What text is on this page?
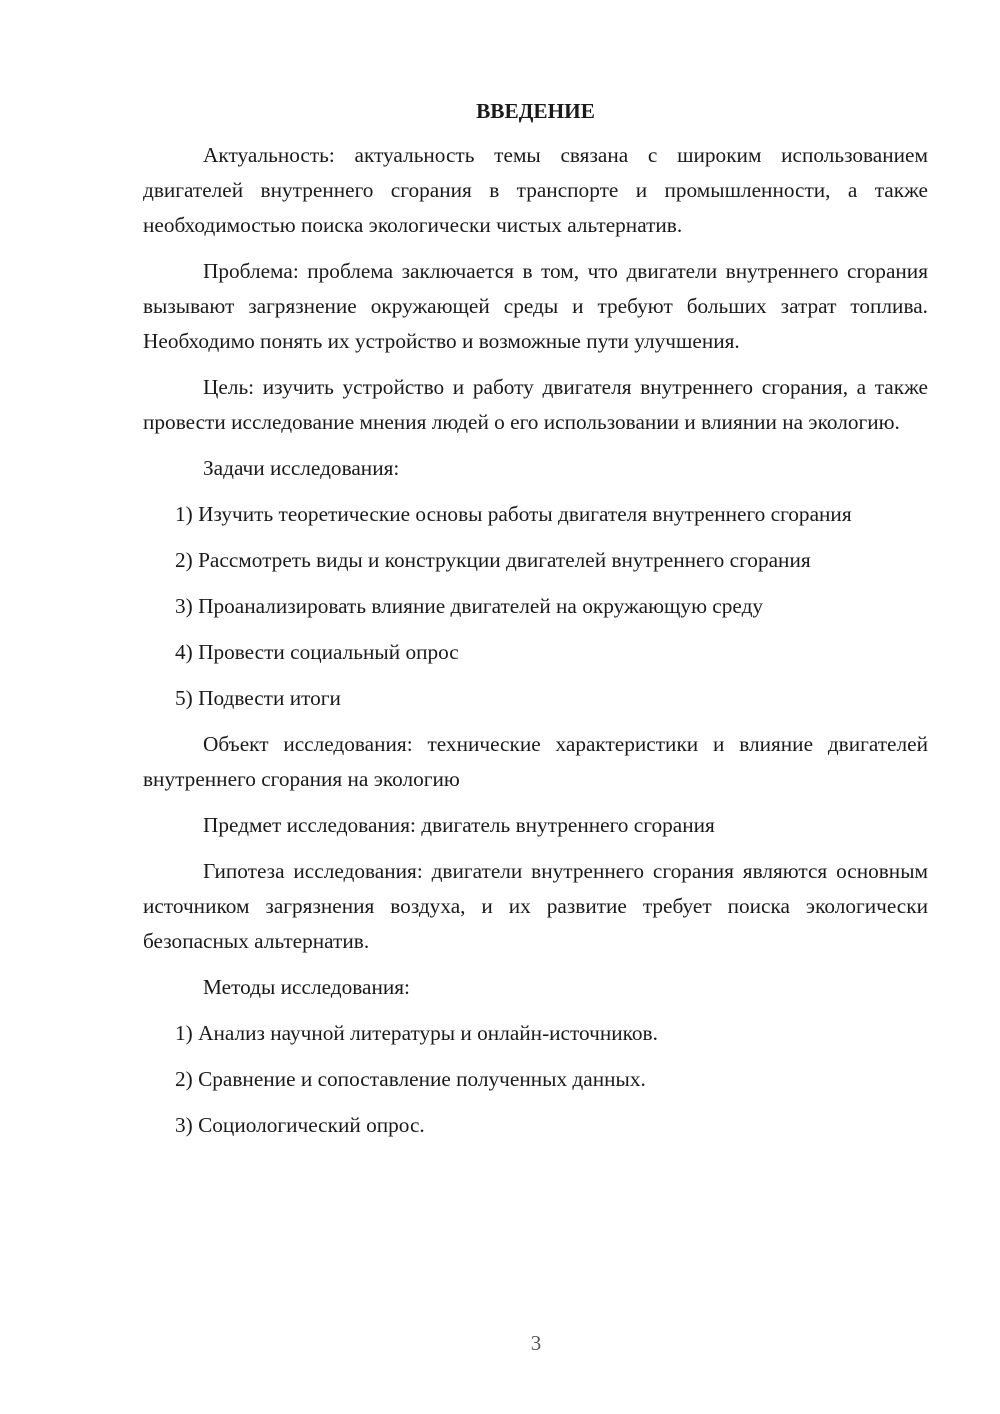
ВВЕДЕНИЕ

Актуальность: актуальность темы связана с широким использованием двигателей внутреннего сгорания в транспорте и промышленности, а также необходимостью поиска экологически чистых альтернатив.

Проблема: проблема заключается в том, что двигатели внутреннего сгорания вызывают загрязнение окружающей среды и требуют больших затрат топлива. Необходимо понять их устройство и возможные пути улучшения.

Цель: изучить устройство и работу двигателя внутреннего сгорания, а также провести исследование мнения людей о его использовании и влиянии на экологию.

Задачи исследования:

1) Изучить теоретические основы работы двигателя внутреннего сгорания

2) Рассмотреть виды и конструкции двигателей внутреннего сгорания

3) Проанализировать влияние двигателей на окружающую среду

4) Провести социальный опрос

5) Подвести итоги

Объект исследования: технические характеристики и влияние двигателей внутреннего сгорания на экологию

Предмет исследования: двигатель внутреннего сгорания

Гипотеза исследования: двигатели внутреннего сгорания являются основным источником загрязнения воздуха, и их развитие требует поиска экологически безопасных альтернатив.

Методы исследования:

1) Анализ научной литературы и онлайн-источников.

2) Сравнение и сопоставление полученных данных.

3) Социологический опрос.

3
